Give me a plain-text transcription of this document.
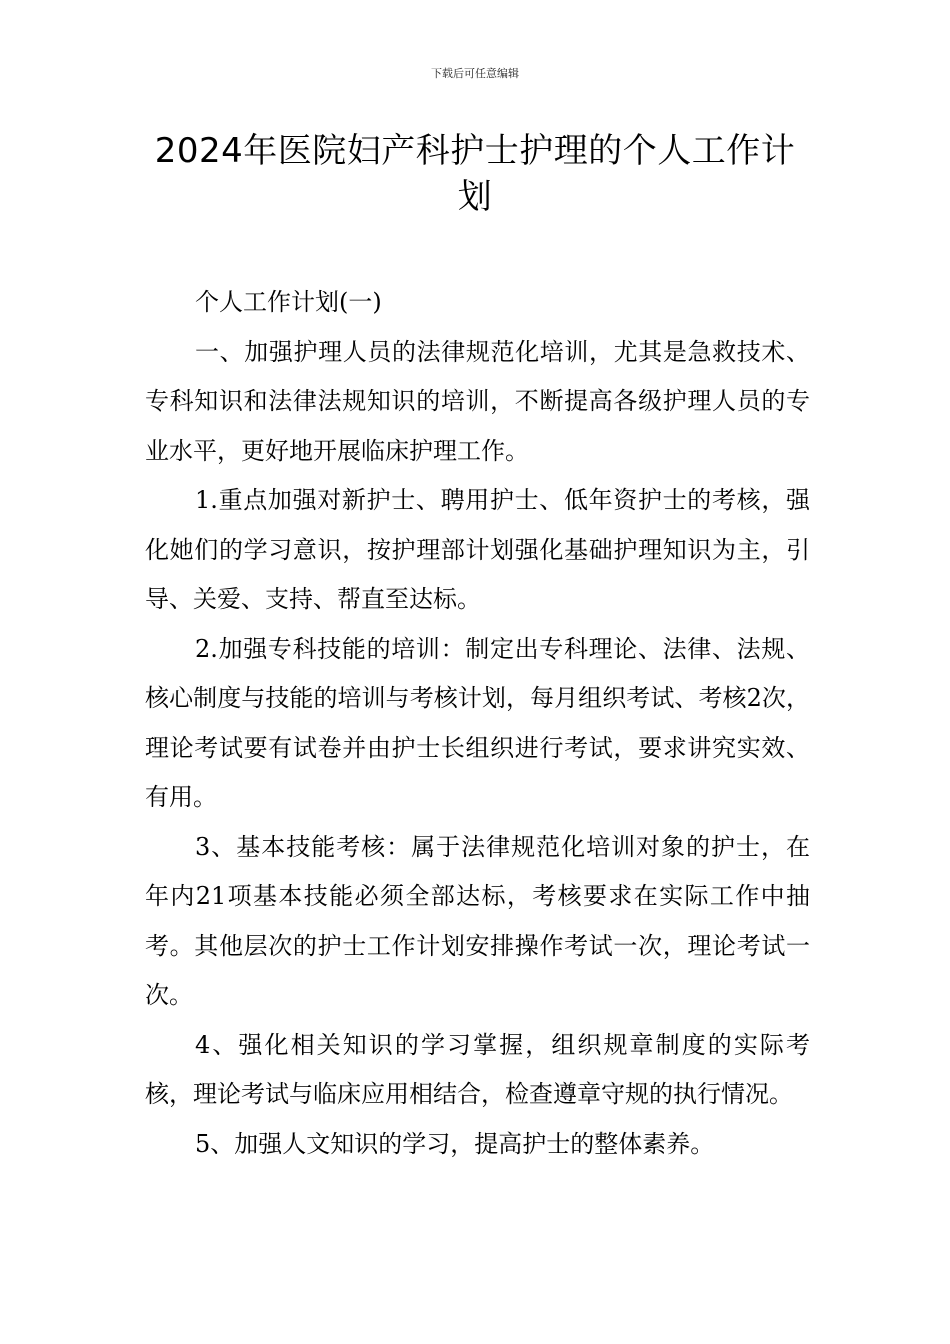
下载后可任意编辑
2024年医院妇产科护士护理的个人工作计划

个人工作计划(一)

一、加强护理人员的法律规范化培训，尤其是急救技术、专科知识和法律法规知识的培训，不断提高各级护理人员的专业水平，更好地开展临床护理工作。

1.重点加强对新护士、聘用护士、低年资护士的考核，强化她们的学习意识，按护理部计划强化基础护理知识为主，引导、关爱、支持、帮直至达标。

2.加强专科技能的培训：制定出专科理论、法律、法规、核心制度与技能的培训与考核计划，每月组织考试、考核2次，理论考试要有试卷并由护士长组织进行考试，要求讲究实效、有用。

3、基本技能考核：属于法律规范化培训对象的护士，在年内21项基本技能必须全部达标，考核要求在实际工作中抽考。其他层次的护士工作计划安排操作考试一次，理论考试一次。

4、强化相关知识的学习掌握，组织规章制度的实际考核，理论考试与临床应用相结合，检查遵章守规的执行情况。

5、加强人文知识的学习，提高护士的整体素养。
